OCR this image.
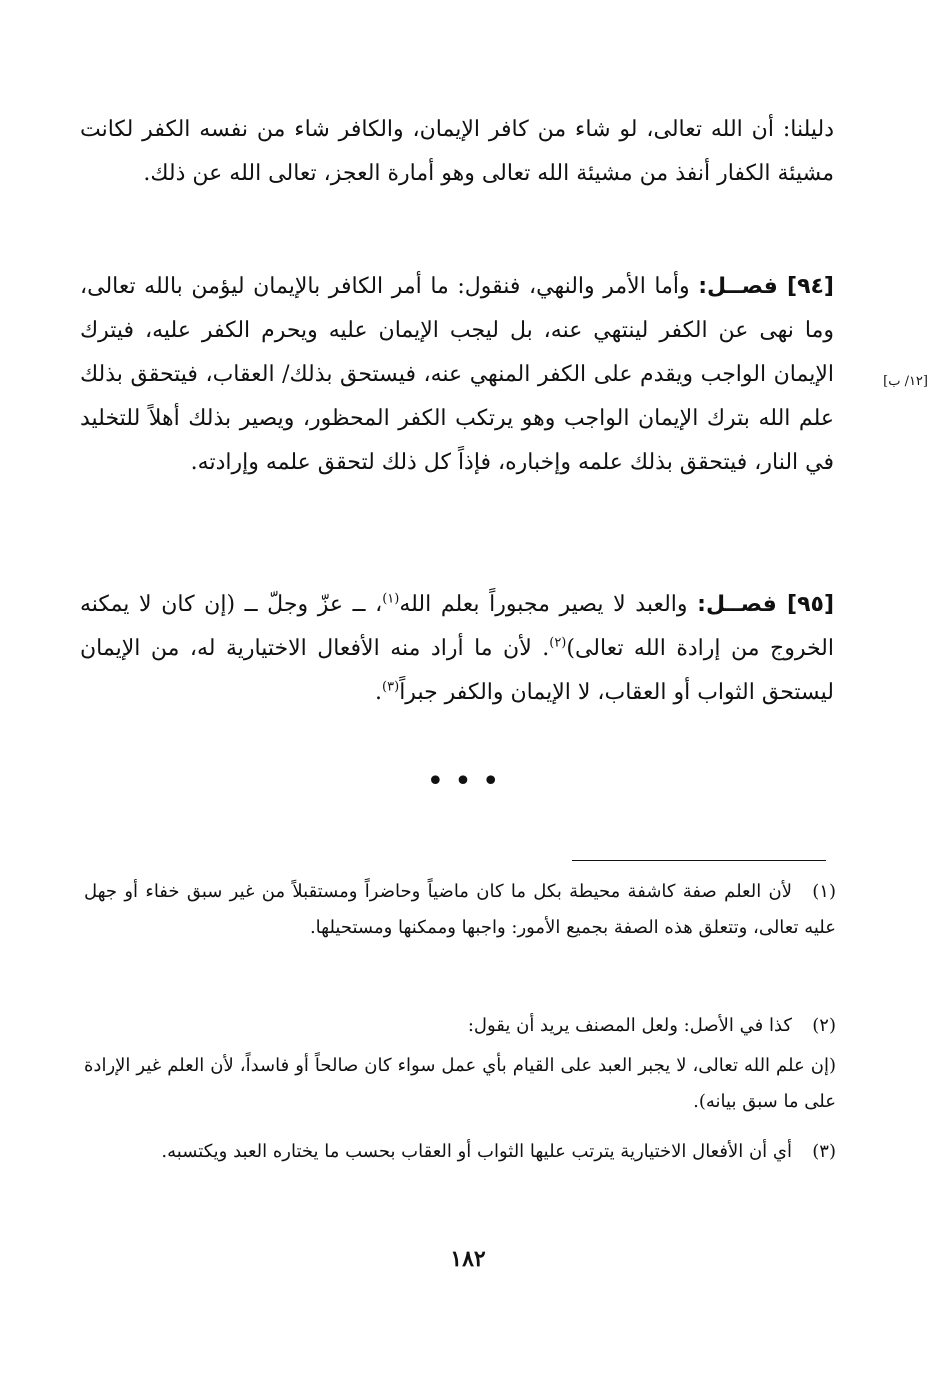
دليلنا: أن الله تعالى، لو شاء من كافر الإيمان، والكافر شاء من نفسه الكفر لكانت مشيئة الكفار أنفذ من مشيئة الله تعالى وهو أمارة العجز، تعالى الله عن ذلك.

[٩٤] فصــل: وأما الأمر والنهي، فنقول: ما أمر الكافر بالإيمان ليؤمن بالله تعالى، وما نهى عن الكفر لينتهي عنه، بل ليجب الإيمان عليه ويحرم الكفر عليه، فيترك الإيمان الواجب ويقدم على الكفر المنهي عنه، فيستحق بذلك/ العقاب، فيتحقق بذلك علم الله بترك الإيمان الواجب وهو يرتكب الكفر المحظور، ويصير بذلك أهلاً للتخليد في النار، فيتحقق بذلك علمه وإخباره، فإذاً كل ذلك لتحقق علمه وإرادته.

[١٢/ ب]

[٩٥] فصــل: والعبد لا يصير مجبوراً بعلم الله$^{(١)}$، ــ عزّ وجلّ ــ (إن كان لا يمكنه الخروج من إرادة الله تعالى)$^{(٢)}$. لأن ما أراد منه الأفعال الاختيارية له، من الإيمان ليستحق الثواب أو العقاب، لا الإيمان والكفر جبراً$^{(٣)}$.

•••

(١)لأن العلم صفة كاشفة محيطة بكل ما كان ماضياً وحاضراً ومستقبلاً من غير سبق خفاء أو جهل عليه تعالى، وتتعلق هذه الصفة بجميع الأمور: واجبها وممكنها ومستحيلها.

(٢)كذا في الأصل: ولعل المصنف يريد أن يقول:

(إن علم الله تعالى، لا يجبر العبد على القيام بأي عمل سواء كان صالحاً أو فاسداً، لأن العلم غير الإرادة على ما سبق بيانه).

(٣)أي أن الأفعال الاختيارية يترتب عليها الثواب أو العقاب بحسب ما يختاره العبد ويكتسبه.

١٨٢
